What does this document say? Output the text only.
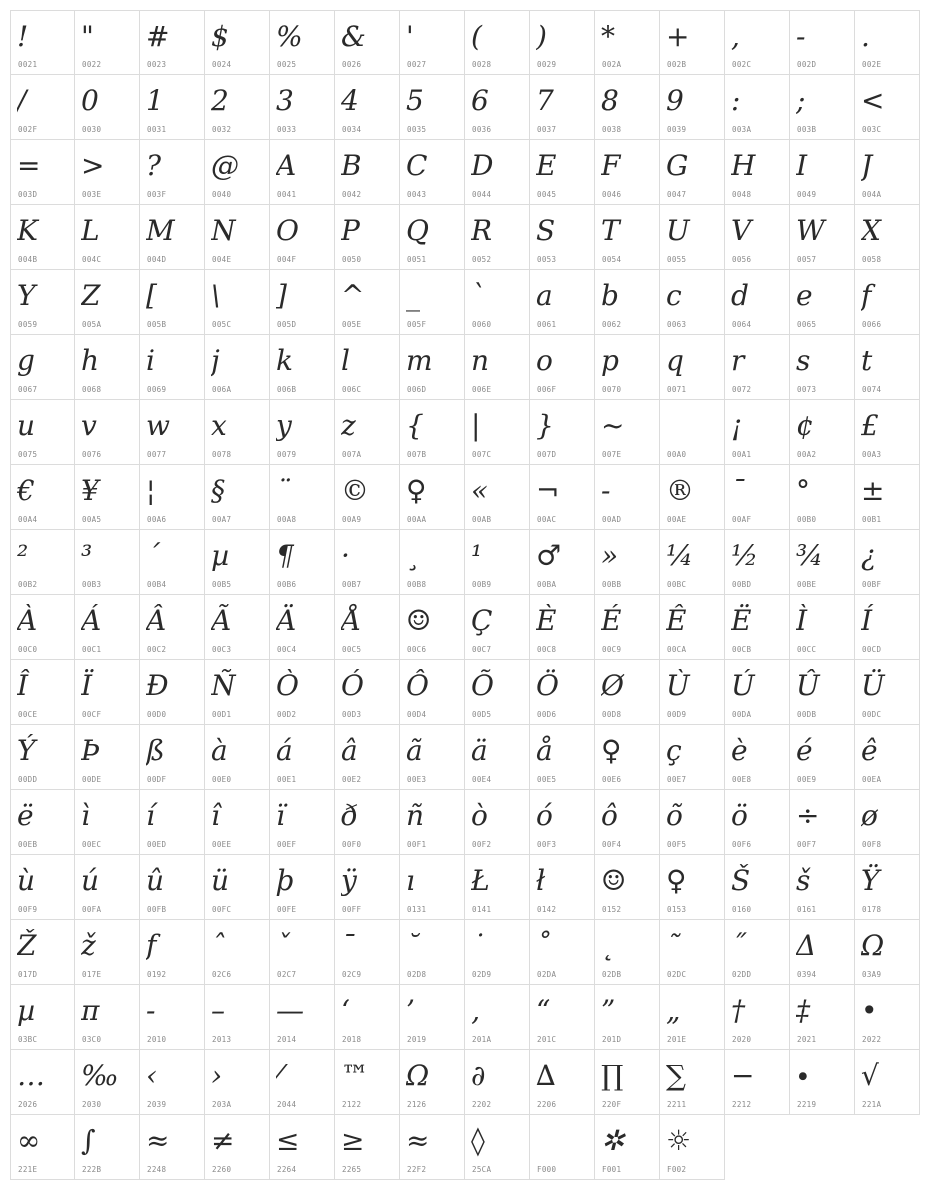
!
0021
"
0022
#
0023
$
0024
%
0025
&
0026
'
0027
(
0028
)
0029
*
002A
+
002B
,
002C
-
002D
.
002E
/
002F
0
0030
1
0031
2
0032
3
0033
4
0034
5
0035
6
0036
7
0037
8
0038
9
0039
:
003A
;
003B
<
003C
=
003D
>
003E
?
003F
@
0040
A
0041
B
0042
C
0043
D
0044
E
0045
F
0046
G
0047
H
0048
I
0049
J
004A
K
004B
L
004C
M
004D
N
004E
O
004F
P
0050
Q
0051
R
0052
S
0053
T
0054
U
0055
V
0056
W
0057
X
0058
Y
0059
Z
005A
[
005B
\
005C
]
005D
^
005E
_
005F
`
0060
a
0061
b
0062
c
0063
d
0064
e
0065
f
0066
g
0067
h
0068
i
0069
j
006A
k
006B
l
006C
m
006D
n
006E
o
006F
p
0070
q
0071
r
0072
s
0073
t
0074
u
0075
v
0076
w
0077
x
0078
y
0079
z
007A
{
007B
|
007C
}
007D
~
007E	00A0
¡
00A1
¢
00A2
£
00A3
€
00A4
¥
00A5
¦
00A6
§
00A7
¨
00A8
©
00A9
♀
00AA
«
00AB
¬
00AC
-
00AD
®
00AE
¯
00AF
°
00B0
±
00B1
²
00B2
³
00B3
´
00B4
µ
00B5
¶
00B6
·
00B7
¸
00B8
¹
00B9
♂
00BA
»
00BB
¼
00BC
½
00BD
¾
00BE
¿
00BF
À
00C0
Á
00C1
Â
00C2
Ã
00C3
Ä
00C4
Å
00C5
☺
00C6
Ç
00C7
È
00C8
É
00C9
Ê
00CA
Ë
00CB
Ì
00CC
Í
00CD
Î
00CE
Ï
00CF
Đ
00D0
Ñ
00D1
Ò
00D2
Ó
00D3
Ô
00D4
Õ
00D5
Ö
00D6
Ø
00D8
Ù
00D9
Ú
00DA
Û
00DB
Ü
00DC
Ý
00DD
Þ
00DE
ß
00DF
à
00E0
á
00E1
â
00E2
ã
00E3
ä
00E4
å
00E5
♀
00E6
ç
00E7
è
00E8
é
00E9
ê
00EA
ë
00EB
ì
00EC
í
00ED
î
00EE
ï
00EF
ð
00F0
ñ
00F1
ò
00F2
ó
00F3
ô
00F4
õ
00F5
ö
00F6
÷
00F7
ø
00F8
ù
00F9
ú
00FA
û
00FB
ü
00FC
þ
00FE
ÿ
00FF
ı
0131
Ł
0141
ł
0142
☺
0152
♀
0153
Š
0160
š
0161
Ÿ
0178
Ž
017D
ž
017E
ƒ
0192
ˆ
02C6
ˇ
02C7
ˉ
02C9
˘
02D8
˙
02D9
˚
02DA
˛
02DB
˜
02DC
˝
02DD
Δ
0394
Ω
03A9
µ
03BC
π
03C0
‐
2010
–
2013
—
2014
‘
2018
’
2019
‚
201A
“
201C
”
201D
„
201E
†
2020
‡
2021
•
2022
…
2026
‰
2030
‹
2039
›
203A
⁄
2044
™
2122
Ω
2126
∂
2202
∆
2206
∏
220F
∑
2211
−
2212
∙
2219
√
221A
∞
221E
∫
222B
≈
2248
≠
2260
≤
2264
≥
2265
≈
22F2
◊
25CA	F000
✲
F001
☼
F002
